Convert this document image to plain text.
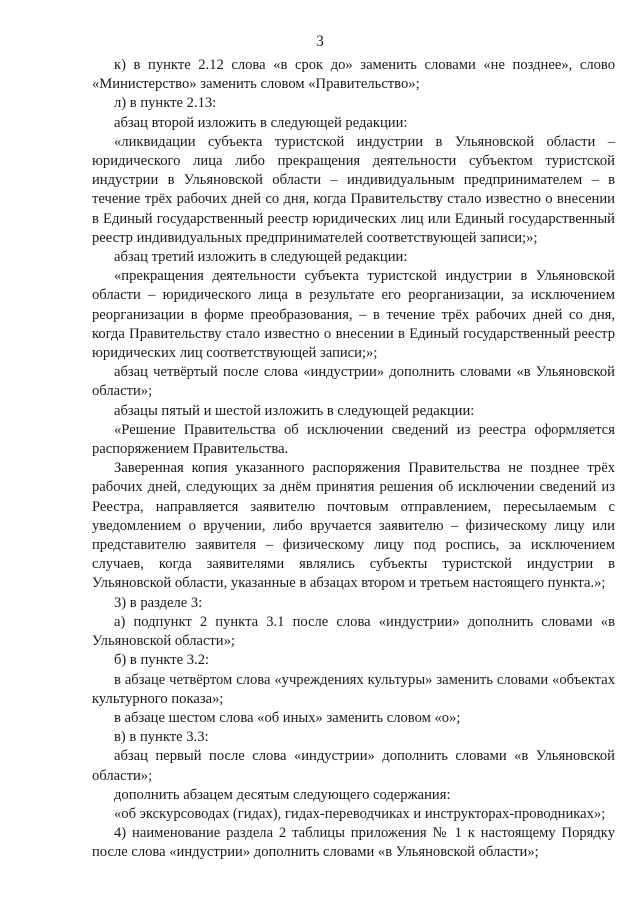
3

к) в пункте 2.12 слова «в срок до» заменить словами «не позднее», слово «Министерство» заменить словом «Правительство»;

л) в пункте 2.13:

абзац второй изложить в следующей редакции:

«ликвидации субъекта туристской индустрии в Ульяновской области – юридического лица либо прекращения деятельности субъектом туристской индустрии в Ульяновской области – индивидуальным предпринимателем – в течение трёх рабочих дней со дня, когда Правительству стало известно о внесении в Единый государственный реестр юридических лиц или Единый государственный реестр индивидуальных предпринимателей соответствующей записи;»;

абзац третий изложить в следующей редакции:

«прекращения деятельности субъекта туристской индустрии в Ульяновской области – юридического лица в результате его реорганизации, за исключением реорганизации в форме преобразования, – в течение трёх рабочих дней со дня, когда Правительству стало известно о внесении в Единый государственный реестр юридических лиц соответствующей записи;»;

абзац четвёртый после слова «индустрии» дополнить словами «в Ульяновской области»;

абзацы пятый и шестой изложить в следующей редакции:

«Решение Правительства об исключении сведений из реестра оформляется распоряжением Правительства.

Заверенная копия указанного распоряжения Правительства не позднее трёх рабочих дней, следующих за днём принятия решения об исключении сведений из Реестра, направляется заявителю почтовым отправлением, пересылаемым с уведомлением о вручении, либо вручается заявителю – физическому лицу или представителю заявителя – физическому лицу под роспись, за исключением случаев, когда заявителями являлись субъекты туристской индустрии в Ульяновской области, указанные в абзацах втором и третьем настоящего пункта.»;

3) в разделе 3:

а) подпункт 2 пункта 3.1 после слова «индустрии» дополнить словами «в Ульяновской области»;

б) в пункте 3.2:

в абзаце четвёртом слова «учреждениях культуры» заменить словами «объектах культурного показа»;

в абзаце шестом слова «об иных» заменить словом «о»;

в) в пункте 3.3:

абзац первый после слова «индустрии» дополнить словами «в Ульяновской области»;

дополнить абзацем десятым следующего содержания:

«об экскурсоводах (гидах), гидах-переводчиках и инструкторах-проводниках»;

4) наименование раздела 2 таблицы приложения № 1 к настоящему Порядку после слова «индустрии» дополнить словами «в Ульяновской области»;
